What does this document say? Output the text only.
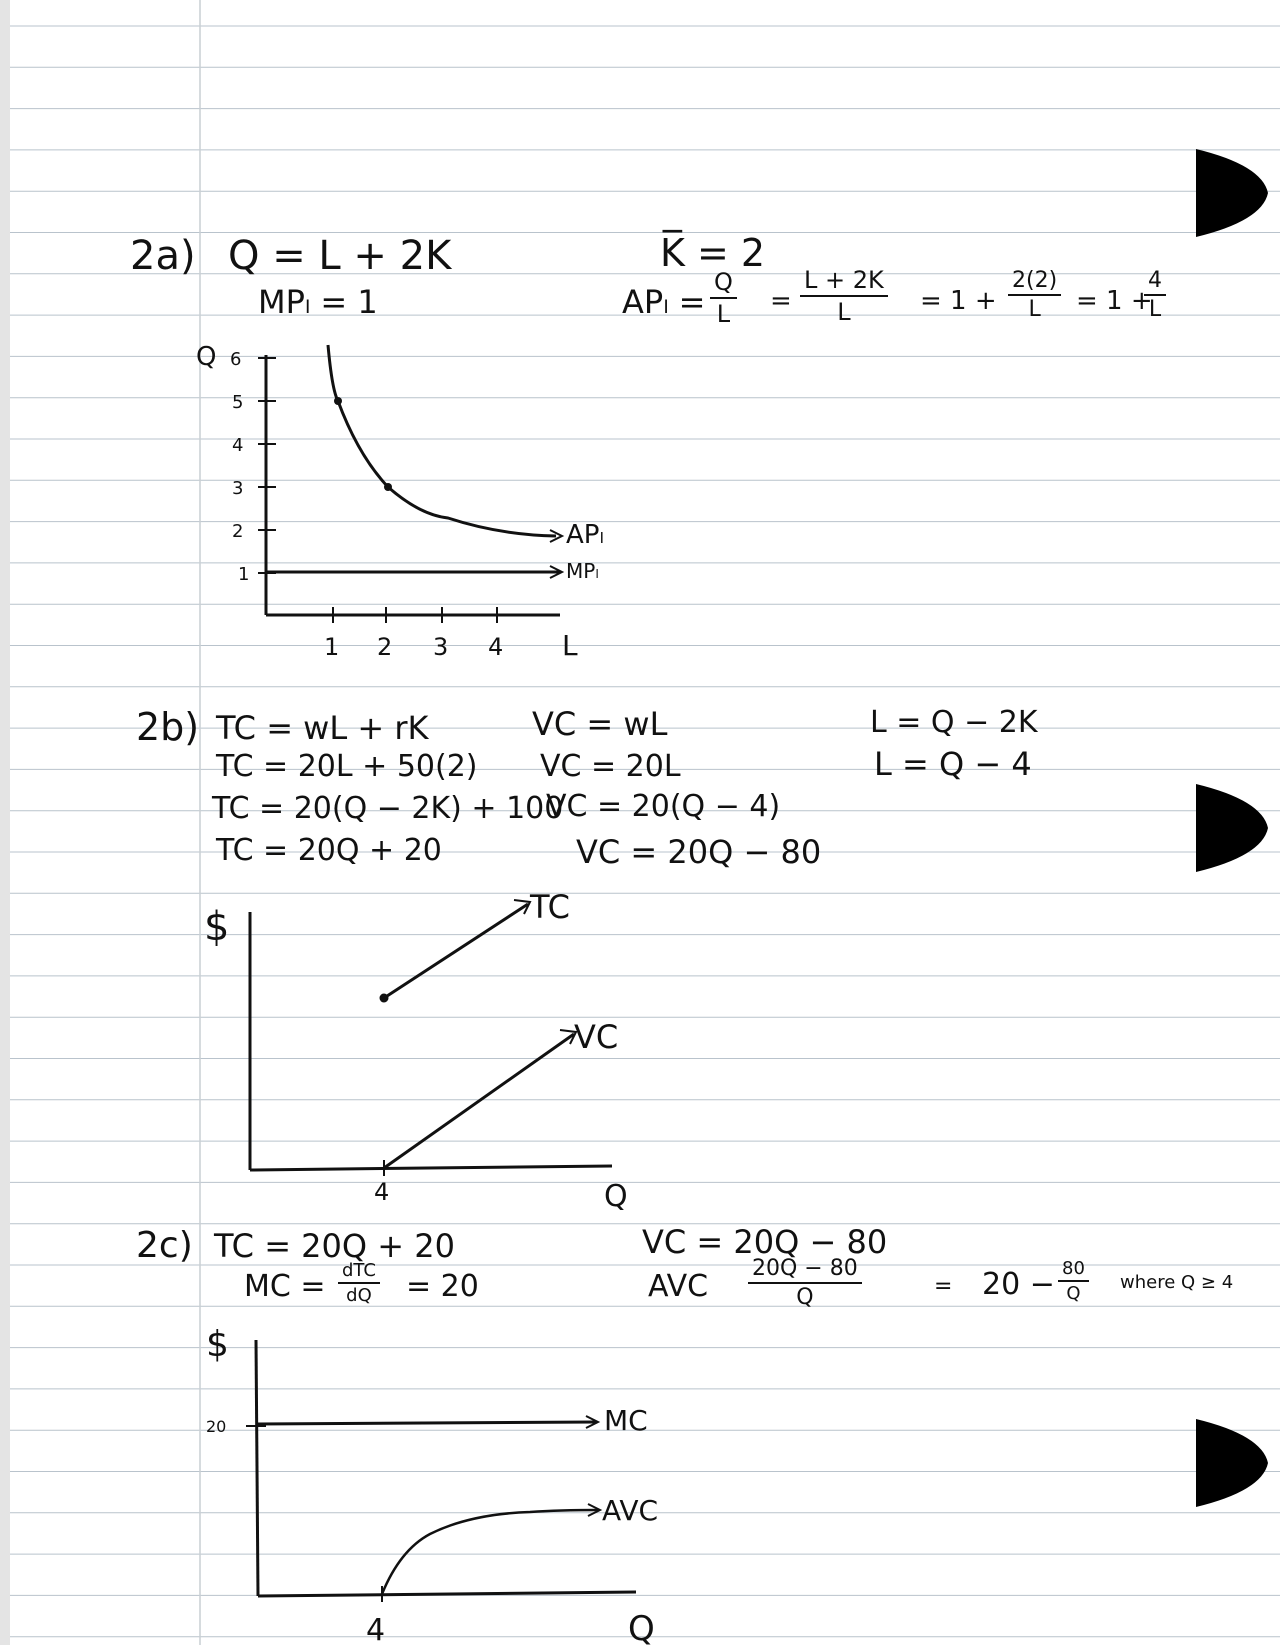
2a) Q = L + 2K
MPₗ = 1
K̅ = 2
$AP_l = \frac{Q}{L} = \frac{L + 2K}{L} = 1 + \frac{2(2)}{L} = 1$ +
$\frac{4}{L}$
Q 6
5
4
3
2
1
1 2 3 4 L
APₗ
MPₗ
2b) TC = wL + rK
TC = 20L + 50(2)
TC = 20(Q − 2K) + 100
TC = 20Q + 20
VC = wL
VC = 20L
VC = 20(Q − 4)
VC = 20Q − 80
L = Q − 2K
L = Q − 4
$
4	Q
TC
VC
2c) TC = 20Q + 20
MC = dTC
dQ = 20
VC = 20Q − 80
AVC $\frac{20Q - 80}{Q}$	= $20 - \frac{80}{Q}$ where Q ≥ 4
$
20
4	Q
MC
AVC
